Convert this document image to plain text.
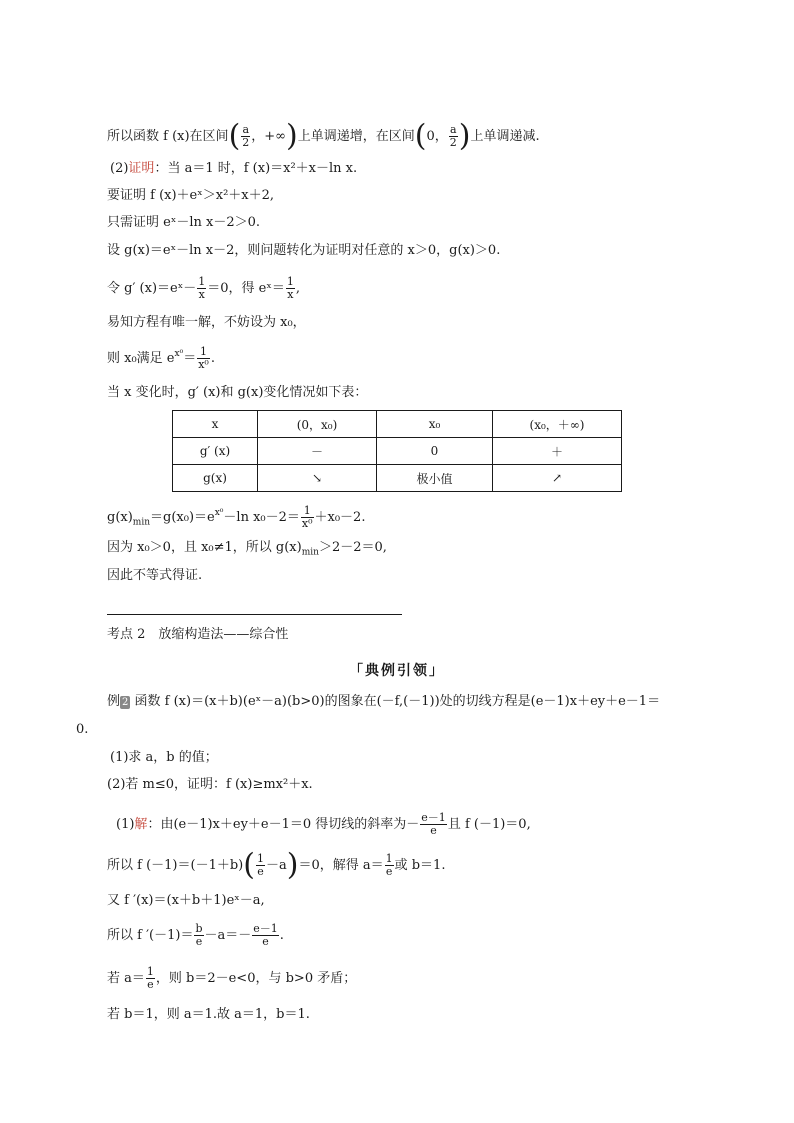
所以函数 f (x)在区间( $\frac{a}{2}$ ，+∞)上单调递增，在区间(0， $\frac{a}{2}$ )上单调递减.
(2)证明：当 a＝1 时，f (x)＝x²＋x－ln x.
要证明 f (x)＋eˣ＞x²＋x＋2,
只需证明 eˣ－ln x－2＞0.
设 g(x)＝eˣ－ln x－2，则问题转化为证明对任意的 x＞0，g(x)＞0.
令 g′ (x)＝eˣ－ $\frac{1}{x} =0$，得 eˣ＝ $\frac{1}{x}$ ,
易知方程有唯一解，不妨设为 x₀，
则 x₀满足 $e^{x^0}= \frac{1}{\text{x⁰}}$ .
当 x 变化时，g′ (x)和 g(x)变化情况如下表：
x	(0，x₀)	x₀	(x₀，＋∞)
g′ (x)	－	0	＋
g(x)	↘	极小值	↗
$g(x)_{min}=g(x_0)=e^{x^0}-\ln$ $x_0-2= \frac{1}{\text{x⁰}} +x_0-2$.
因为 x₀＞0，且 x₀≠1，所以 $g(x)_{min}>2-2=0$,
因此不等式得证.
考点 2　放缩构造法——综合性
「典例引领」
例 2 函数 f (x)＝(x＋b)(eˣ－a)(b>0)的图象在(－f,(－1))处的切线方程是(e－1)x＋ey＋e－1＝
0.
(1)求 a，b 的值；
(2)若 m≤0，证明：f (x)≥mx²＋x.
(1)解：由(e－1)x＋ey＋e－1＝0 得切线的斜率为－ $\frac{e-1}{e}$ 且 f (－1)＝0,
所以 f $(-1)=(-1+b)( \frac{1}{e} -a)=0$，解得 $a= \frac{1}{e}$ 或 b＝1.
又 f ′(x)＝(x＋b＋1)eˣ－a,
所以 f $'(-1)= \frac{b}{e} -a=- \frac{e-1}{e}$ .
若 $a= \frac{1}{e}$ ，则 b＝2－e<0，与 b>0 矛盾；
若 b＝1，则 a＝1.故 a＝1，b＝1.
